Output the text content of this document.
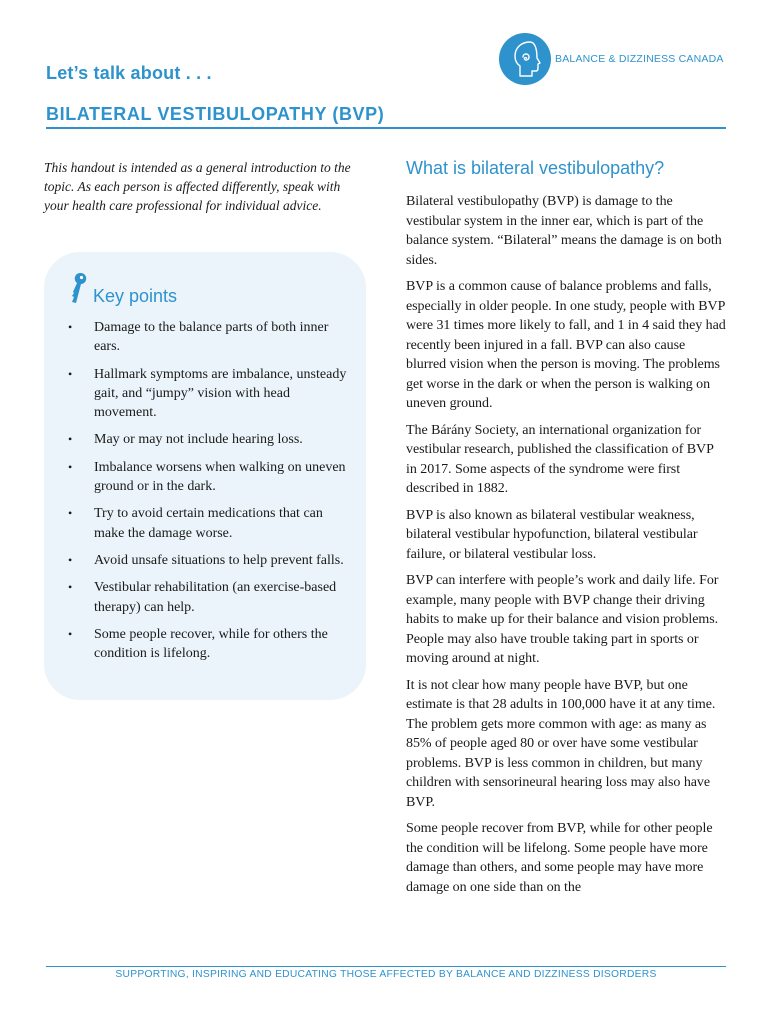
Let’s talk about . . .
BILATERAL VESTIBULOPATHY (BVP)
BALANCE & DIZZINESS CANADA
This handout is intended as a general introduction to the topic. As each person is affected differently, speak with your health care professional for individual advice.
Key points
• Damage to the balance parts of both inner ears.
• Hallmark symptoms are imbalance, unsteady gait, and “jumpy” vision with head movement.
• May or may not include hearing loss.
• Imbalance worsens when walking on uneven ground or in the dark.
• Try to avoid certain medications that can make the damage worse.
• Avoid unsafe situations to help prevent falls.
• Vestibular rehabilitation (an exercise-based therapy) can help.
• Some people recover, while for others the condition is lifelong.
What is bilateral vestibulopathy?

Bilateral vestibulopathy (BVP) is damage to the vestibular system in the inner ear, which is part of the balance system. “Bilateral” means the damage is on both sides.

BVP is a common cause of balance problems and falls, especially in older people. In one study, people with BVP were 31 times more likely to fall, and 1 in 4 said they had recently been injured in a fall. BVP can also cause blurred vision when the person is moving. The problems get worse in the dark or when the person is walking on uneven ground.

The Bárány Society, an international organization for vestibular research, published the classification of BVP in 2017. Some aspects of the syndrome were first described in 1882.

BVP is also known as bilateral vestibular weakness, bilateral vestibular hypofunction, bilateral vestibular failure, or bilateral vestibular loss.

BVP can interfere with people’s work and daily life. For example, many people with BVP change their driving habits to make up for their balance and vision problems. People may also have trouble taking part in sports or moving around at night.

It is not clear how many people have BVP, but one estimate is that 28 adults in 100,000 have it at any time. The problem gets more common with age: as many as 85% of people aged 80 or over have some vestibular problems. BVP is less common in children, but many children with sensorineural hearing loss may also have BVP.

Some people recover from BVP, while for other people the condition will be lifelong. Some people have more damage than others, and some people may have more damage on one side than on the

SUPPORTING, INSPIRING AND EDUCATING THOSE AFFECTED BY BALANCE AND DIZZINESS DISORDERS
